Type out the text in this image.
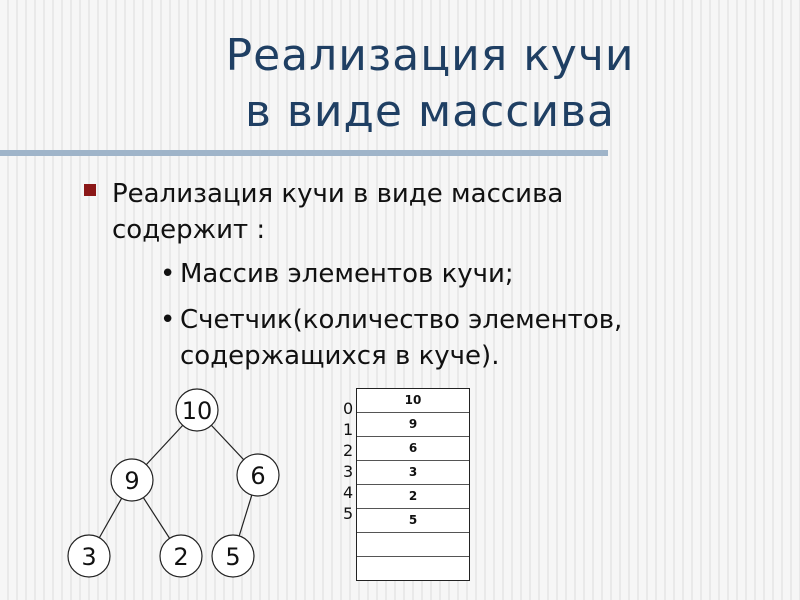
Реализация кучи
в виде массива
Реализация кучи в виде массива содержит :
• Массив элементов кучи;
• Счетчик(количество элементов, содержащихся в куче).
10
9	6
3	2 5
0
1
2
3
4
5
10
9
6
3
2
5
